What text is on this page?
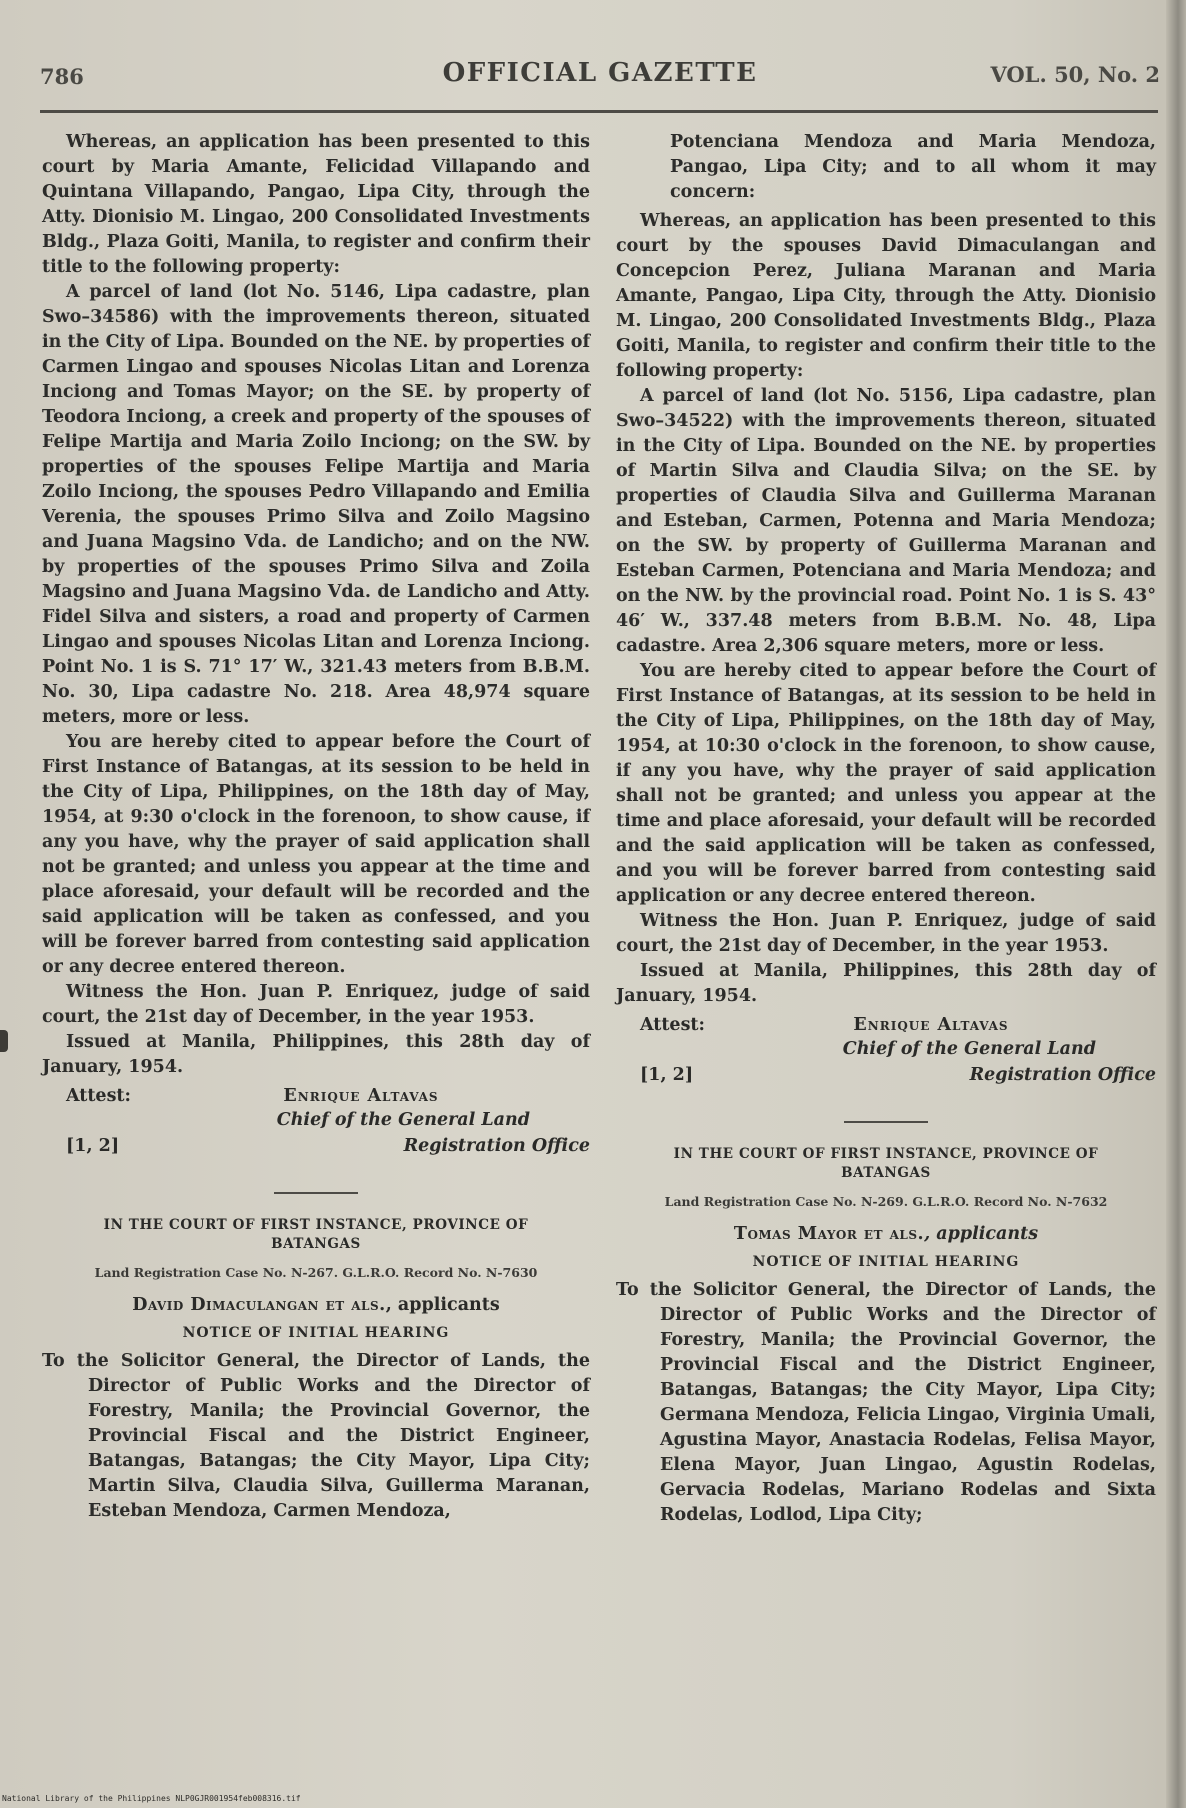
786	OFFICIAL GAZETTE	VOL. 50, No. 2

Whereas, an application has been presented to this court by Maria Amante, Felicidad Villapando and Quintana Villapando, Pangao, Lipa City, through the Atty. Dionisio M. Lingao, 200 Consolidated Investments Bldg., Plaza Goiti, Manila, to register and confirm their title to the following property:

A parcel of land (lot No. 5146, Lipa cadastre, plan Swo–34586) with the improvements thereon, situated in the City of Lipa. Bounded on the NE. by properties of Carmen Lingao and spouses Nicolas Litan and Lorenza Inciong and Tomas Mayor; on the SE. by property of Teodora Inciong, a creek and property of the spouses of Felipe Martija and Maria Zoilo Inciong; on the SW. by properties of the spouses Felipe Martija and Maria Zoilo Inciong, the spouses Pedro Villapando and Emilia Verenia, the spouses Primo Silva and Zoilo Magsino and Juana Magsino Vda. de Landicho; and on the NW. by properties of the spouses Primo Silva and Zoila Magsino and Juana Magsino Vda. de Landicho and Atty. Fidel Silva and sisters, a road and property of Carmen Lingao and spouses Nicolas Litan and Lorenza Inciong. Point No. 1 is S. 71° 17′ W., 321.43 meters from B.B.M. No. 30, Lipa cadastre No. 218. Area 48,974 square meters, more or less.

You are hereby cited to appear before the Court of First Instance of Batangas, at its session to be held in the City of Lipa, Philippines, on the 18th day of May, 1954, at 9:30 o'clock in the forenoon, to show cause, if any you have, why the prayer of said application shall not be granted; and unless you appear at the time and place aforesaid, your default will be recorded and the said application will be taken as confessed, and you will be forever barred from contesting said application or any decree entered thereon.

Witness the Hon. Juan P. Enriquez, judge of said court, the 21st day of December, in the year 1953.

Issued at Manila, Philippines, this 28th day of January, 1954.

Attest:	Enrique Altavas
Chief of the General Land
[1, 2]	Registration Office
IN THE COURT OF FIRST INSTANCE, PROVINCE OF BATANGAS
Land Registration Case No. N-267. G.L.R.O. Record No. N-7630
David Dimaculangan et als., applicants
NOTICE OF INITIAL HEARING

To the Solicitor General, the Director of Lands, the Director of Public Works and the Director of Forestry, Manila; the Provincial Governor, the Provincial Fiscal and the District Engineer, Batangas, Batangas; the City Mayor, Lipa City; Martin Silva, Claudia Silva, Guillerma Maranan, Esteban Mendoza, Carmen Mendoza,

Potenciana Mendoza and Maria Mendoza, Pangao, Lipa City; and to all whom it may concern:

Whereas, an application has been presented to this court by the spouses David Dimaculangan and Concepcion Perez, Juliana Maranan and Maria Amante, Pangao, Lipa City, through the Atty. Dionisio M. Lingao, 200 Consolidated Investments Bldg., Plaza Goiti, Manila, to register and confirm their title to the following property:

A parcel of land (lot No. 5156, Lipa cadastre, plan Swo–34522) with the improvements thereon, situated in the City of Lipa. Bounded on the NE. by properties of Martin Silva and Claudia Silva; on the SE. by properties of Claudia Silva and Guillerma Maranan and Esteban, Carmen, Potenna and Maria Mendoza; on the SW. by property of Guillerma Maranan and Esteban Carmen, Potenciana and Maria Mendoza; and on the NW. by the provincial road. Point No. 1 is S. 43° 46′ W., 337.48 meters from B.B.M. No. 48, Lipa cadastre. Area 2,306 square meters, more or less.

You are hereby cited to appear before the Court of First Instance of Batangas, at its session to be held in the City of Lipa, Philippines, on the 18th day of May, 1954, at 10:30 o'clock in the forenoon, to show cause, if any you have, why the prayer of said application shall not be granted; and unless you appear at the time and place aforesaid, your default will be recorded and the said application will be taken as confessed, and you will be forever barred from contesting said application or any decree entered thereon.

Witness the Hon. Juan P. Enriquez, judge of said court, the 21st day of December, in the year 1953.

Issued at Manila, Philippines, this 28th day of January, 1954.

Attest:	Enrique Altavas
Chief of the General Land
[1, 2]	Registration Office
IN THE COURT OF FIRST INSTANCE, PROVINCE OF BATANGAS
Land Registration Case No. N-269. G.L.R.O. Record No. N-7632
Tomas Mayor et als., applicants
NOTICE OF INITIAL HEARING

To the Solicitor General, the Director of Lands, the Director of Public Works and the Director of Forestry, Manila; the Provincial Governor, the Provincial Fiscal and the District Engineer, Batangas, Batangas; the City Mayor, Lipa City; Germana Mendoza, Felicia Lingao, Virginia Umali, Agustina Mayor, Anastacia Rodelas, Felisa Mayor, Elena Mayor, Juan Lingao, Agustin Rodelas, Gervacia Rodelas, Mariano Rodelas and Sixta Rodelas, Lodlod, Lipa City;

National Library of the Philippines NLP0GJR001954feb008316.tif
